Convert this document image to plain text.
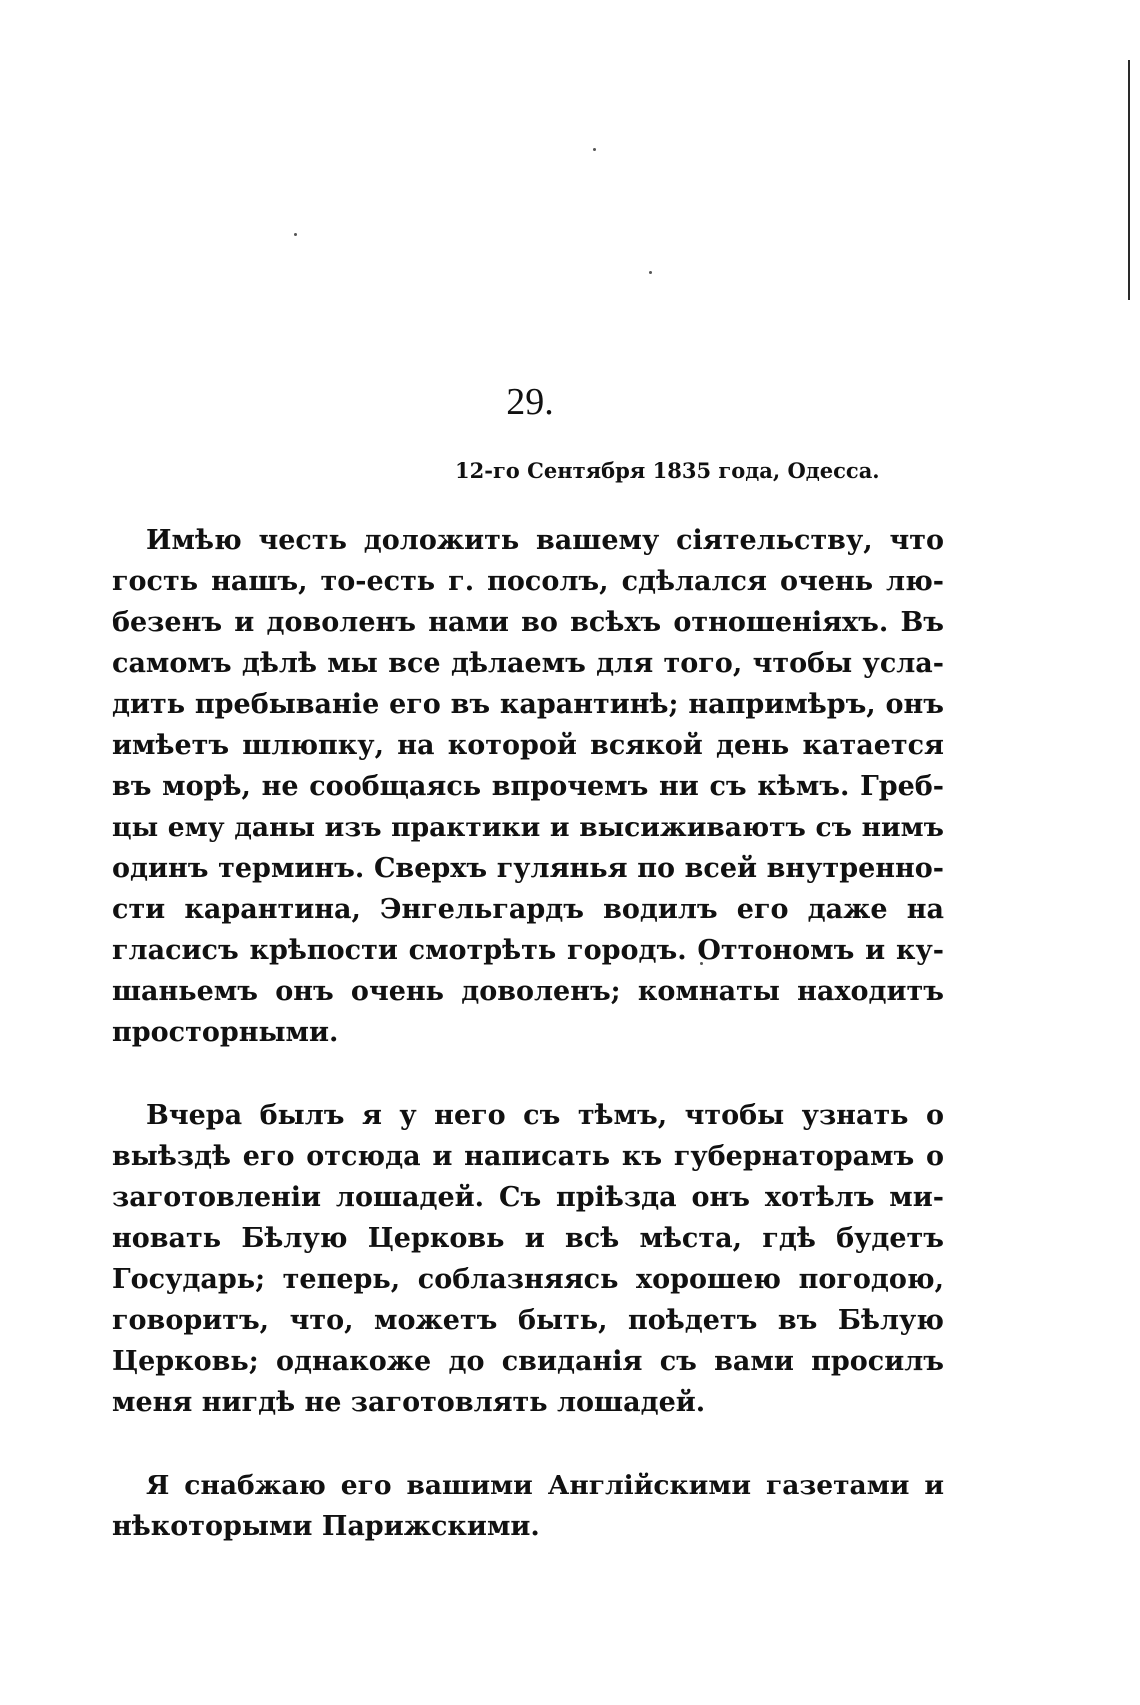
29.

12-го Сентября 1835 года, Одесса.

Имѣю честь доложить вашему сіятельству, что
гость нашъ, то-есть г. посолъ, сдѣлался очень лю-
безенъ и доволенъ нами во всѣхъ отношеніяхъ. Въ
самомъ дѣлѣ мы все дѣлаемъ для того, чтобы усла-
дить пребываніе его въ карантинѣ; напримѣръ, онъ
имѣетъ шлюпку, на которой всякой день катается
въ морѣ, не сообщаясь впрочемъ ни съ кѣмъ. Греб-
цы ему даны изъ практики и высиживаютъ съ нимъ
одинъ терминъ. Сверхъ гулянья по всей внутренно-
сти карантина, Энгельгардъ водилъ его даже на
гласисъ крѣпости смотрѣть городъ. Оттономъ и ку-
шаньемъ онъ очень доволенъ; комнаты находитъ
просторными.

Вчера былъ я у него съ тѣмъ, чтобы узнать о
выѣздѣ его отсюда и написать къ губернаторамъ о
заготовленіи лошадей. Съ пріѣзда онъ хотѣлъ ми-
новать Бѣлую Церковь и всѣ мѣста, гдѣ будетъ
Государь; теперь, соблазняясь хорошею погодою,
говоритъ, что, можетъ быть, поѣдетъ въ Бѣлую
Церковь; однакоже до свиданія съ вами просилъ
меня нигдѣ не заготовлять лошадей.

Я снабжаю его вашими Англійскими газетами и
нѣкоторыми Парижскими.
